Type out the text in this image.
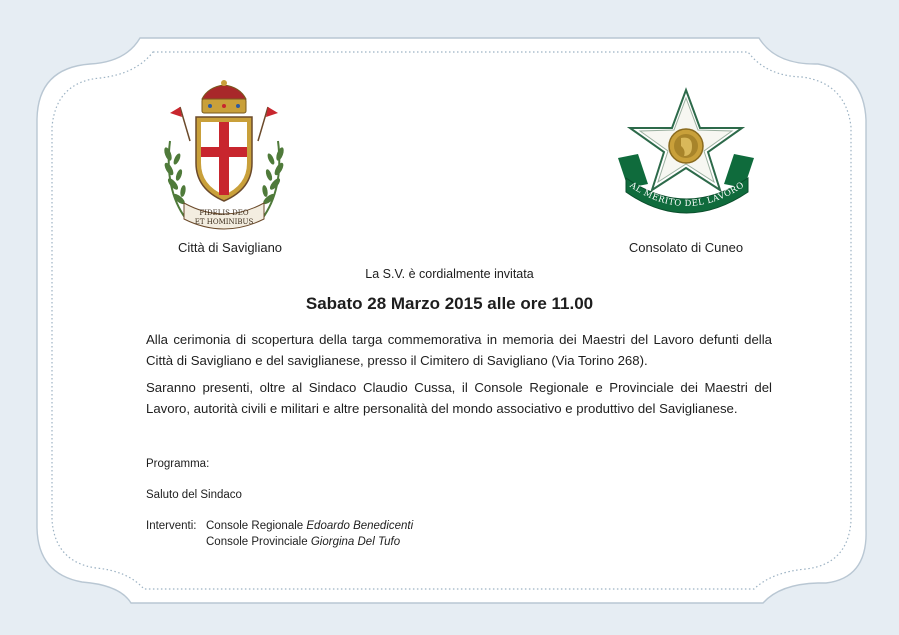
FIDELIS DEO
ET HOMINIBUS
Città di Savigliano
AL MERITO DEL LAVORO
Consolato di Cuneo
La S.V. è cordialmente invitata
Sabato 28 Marzo 2015 alle ore 11.00
Alla cerimonia di scopertura della targa commemorativa in memoria dei Maestri del Lavoro defunti della Città di Savigliano e del saviglianese, presso il Cimitero di Savigliano (Via Torino 268).
Saranno presenti, oltre al Sindaco Claudio Cussa, il Console Regionale e Provinciale dei Maestri del Lavoro, autorità civili e militari e altre personalità del mondo associativo e produttivo del Saviglianese.
Programma:
Saluto del Sindaco
Interventi: Console Regionale Edoardo Benedicenti
Console Provinciale Giorgina Del Tufo
